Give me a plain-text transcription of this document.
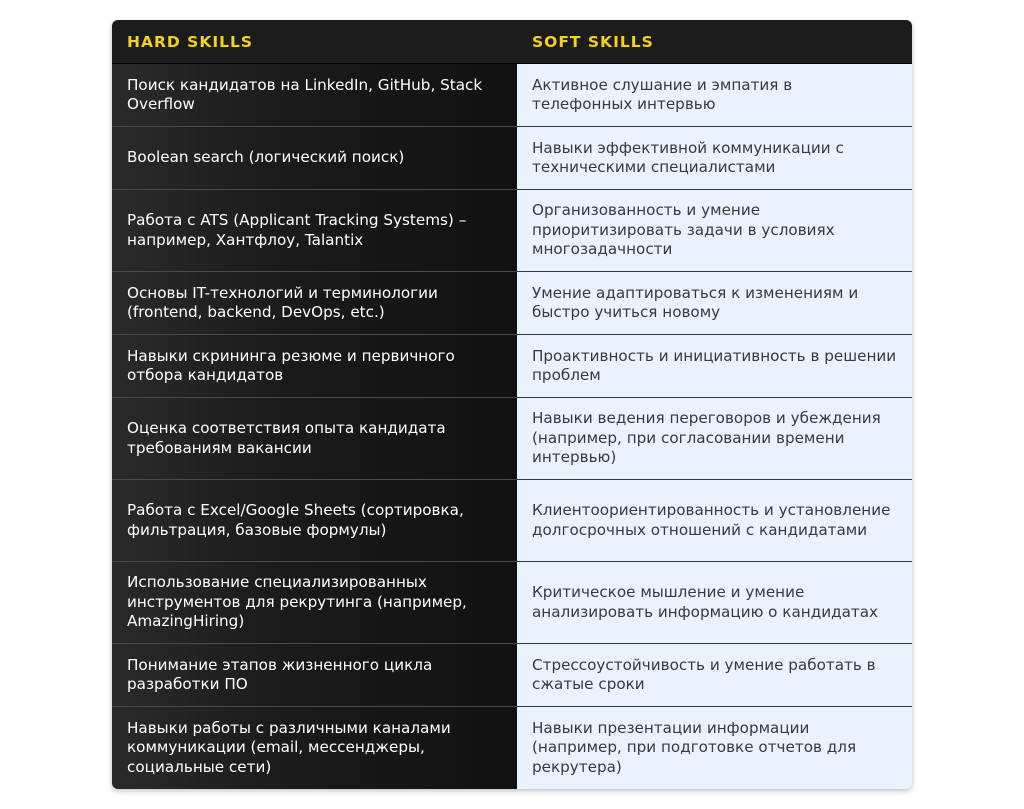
HARD SKILLS	SOFT SKILLS
Поиск кандидатов на LinkedIn, GitHub, Stack Overflow	Активное слушание и эмпатия в телефонных интервью
Boolean search (логический поиск)	Навыки эффективной коммуникации с техническими специалистами
Работа с ATS (Applicant Tracking Systems) – например, Хантфлоу, Talantix	Организованность и умение приоритизировать задачи в условиях многозадачности
Основы IT-технологий и терминологии (frontend, backend, DevOps, etc.)	Умение адаптироваться к изменениям и быстро учиться новому
Навыки скрининга резюме и первичного отбора кандидатов	Проактивность и инициативность в решении проблем
Оценка соответствия опыта кандидата требованиям вакансии	Навыки ведения переговоров и убеждения (например, при согласовании времени интервью)
Работа с Excel/Google Sheets (сортировка, фильтрация, базовые формулы)	Клиентоориентированность и установление долгосрочных отношений с кандидатами
Использование специализированных инструментов для рекрутинга (например, AmazingHiring)	Критическое мышление и умение анализировать информацию о кандидатах
Понимание этапов жизненного цикла разработки ПО	Стрессоустойчивость и умение работать в сжатые сроки
Навыки работы с различными каналами коммуникации (email, мессенджеры, социальные сети)	Навыки презентации информации (например, при подготовке отчетов для рекрутера)
